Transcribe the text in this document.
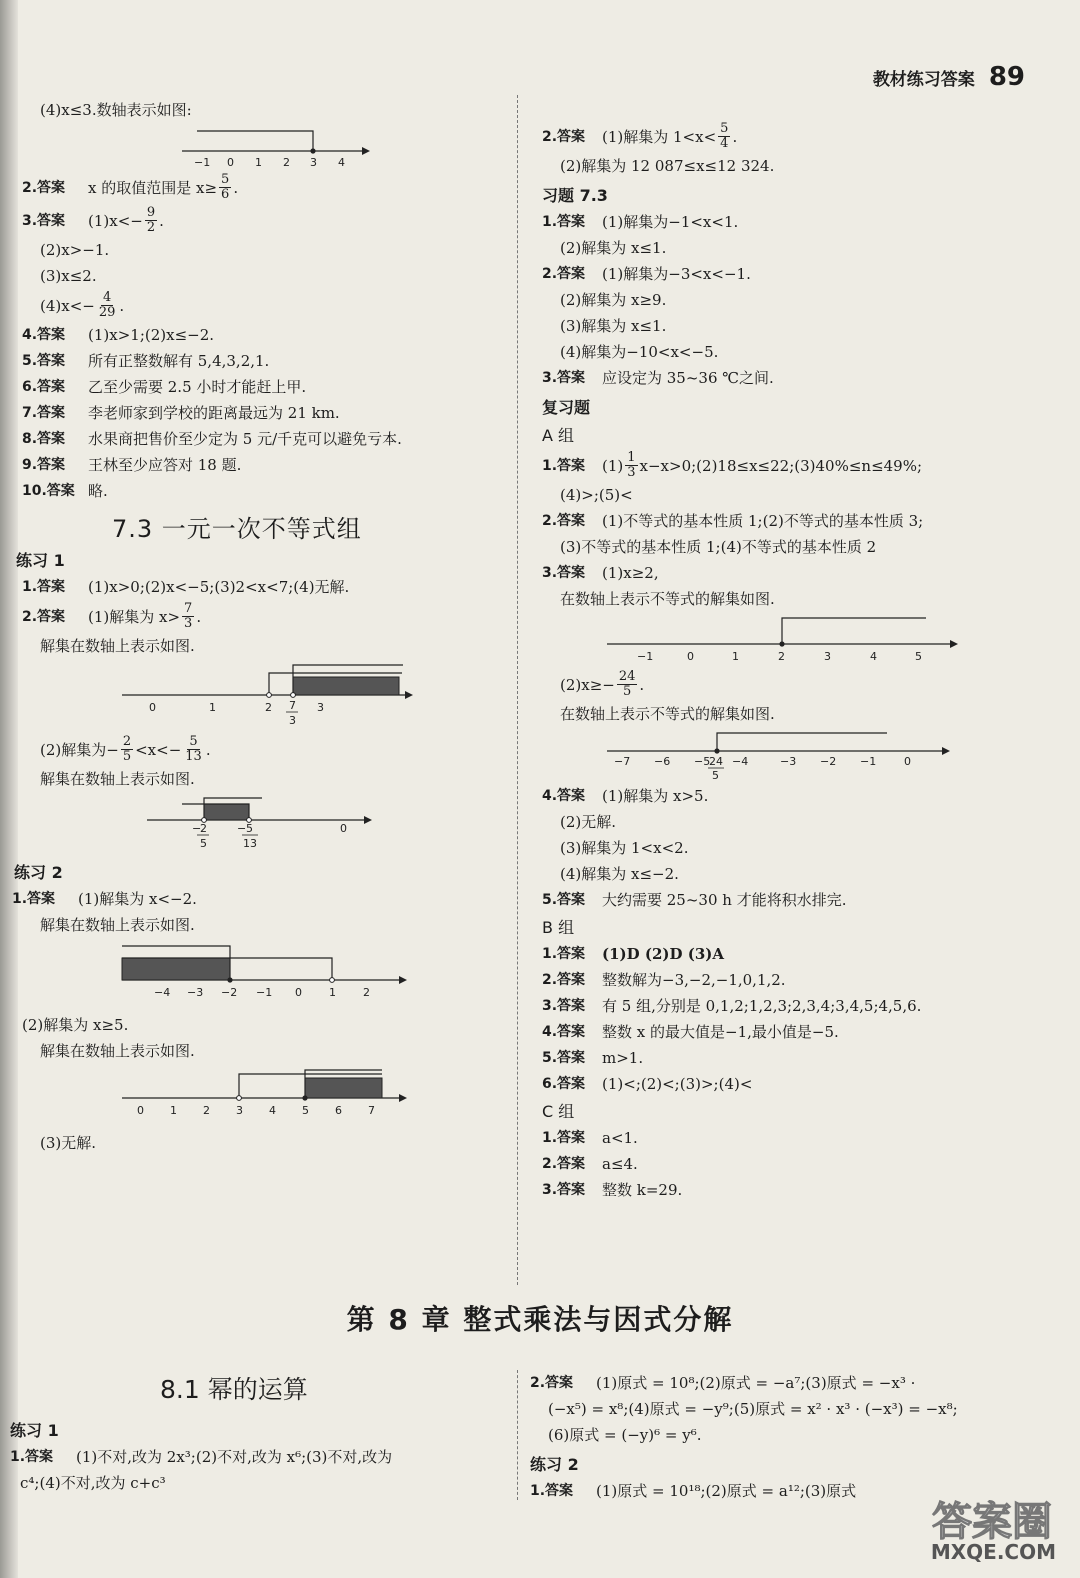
教材练习答案 89
(4)x≤3.数轴表示如图:
−1 0 1 2 3 4
2.答案	x 的取值范围是 $x\ge \frac{5}{6}$ .
3.答案	$(1)x<- \frac{9}{2}$ .
(2)x>−1.
(3)x≤2.
$(4)x<- \frac{4}{29}$ .
4.答案	(1)x>1;(2)x≤−2.
5.答案	所有正整数解有 5,4,3,2,1.
6.答案	乙至少需要 2.5 小时才能赶上甲.
7.答案	李老师家到学校的距离最远为 21 km.
8.答案	水果商把售价至少定为 5 元/千克可以避免亏本.
9.答案	王林至少应答对 18 题.
10.答案 略.
7.3 一元一次不等式组
练习 1
1.答案	(1)x>0;(2)x<−5;(3)2<x<7;(4)无解.
2.答案	(1)解集为 $x> \frac{7}{3}$ .
解集在数轴上表示如图.
0	1	2 7
3
3
(2)解集为− $\frac{2}{5} <x<- \frac{5}{13}$ .
解集在数轴上表示如图.
−
2
5
− 5
13
0
练习 2
1.答案	(1)解集为 x<−2.
解集在数轴上表示如图.
−4 −3 −2 −1 0 1 2
(2)解集为 x≥5.
解集在数轴上表示如图.
0 1 2 3 4 5 6 7
(3)无解.
2.答案	(1)解集为 $1<x< \frac{5}{4}$ .
(2)解集为 12 087≤x≤12 324.
习题 7.3
1.答案	(1)解集为−1<x<1.
(2)解集为 x≤1.
2.答案	(1)解集为−3<x<−1.
(2)解集为 x≥9.
(3)解集为 x≤1.
(4)解集为−10<x<−5.
3.答案	应设定为 35~36 ℃之间.
复习题
A 组
1.答案	$(1) \frac{1}{3}$ x−x>0;(2)18≤x≤22;(3)40%≤n≤49%;
(4)>;(5)<
2.答案	(1)不等式的基本性质 1;(2)不等式的基本性质 3;
(3)不等式的基本性质 1;(4)不等式的基本性质 2
3.答案	(1)x≥2,
在数轴上表示不等式的解集如图.
−1	0	1	2	3	4	5
$(2)x\ge- \frac{24}{5}$ .
在数轴上表示不等式的解集如图.
−7 −6 −5
24
5
−4	−3 −2 −1	0
4.答案	(1)解集为 x>5.
(2)无解.
(3)解集为 1<x<2.
(4)解集为 x≤−2.
5.答案	大约需要 25~30 h 才能将积水排完.
B 组
1.答案	(1)D (2)D (3)A
2.答案	整数解为−3,−2,−1,0,1,2.
3.答案	有 5 组,分别是 0,1,2;1,2,3;2,3,4;3,4,5;4,5,6.
4.答案	整数 x 的最大值是−1,最小值是−5.
5.答案	m>1.
6.答案	(1)<;(2)<;(3)>;(4)<
C 组
1.答案	a<1.
2.答案	a≤4.
3.答案	整数 k=29.
第 8 章 整式乘法与因式分解
8.1 幂的运算
练习 1
1.答案	(1)不对,改为 2x³;(2)不对,改为 x⁶;(3)不对,改为
c⁴;(4)不对,改为 c+c³
2.答案	(1)原式 = 10⁸;(2)原式 = −a⁷;(3)原式 = −x³ ·
(−x⁵) = x⁸;(4)原式 = −y⁹;(5)原式 = x² · x³ · (−x³) = −x⁸;
(6)原式 = (−y)⁶ = y⁶.
练习 2
1.答案	(1)原式 = 10¹⁸;(2)原式 = a¹²;(3)原式
答案圈
MXQE.COM
